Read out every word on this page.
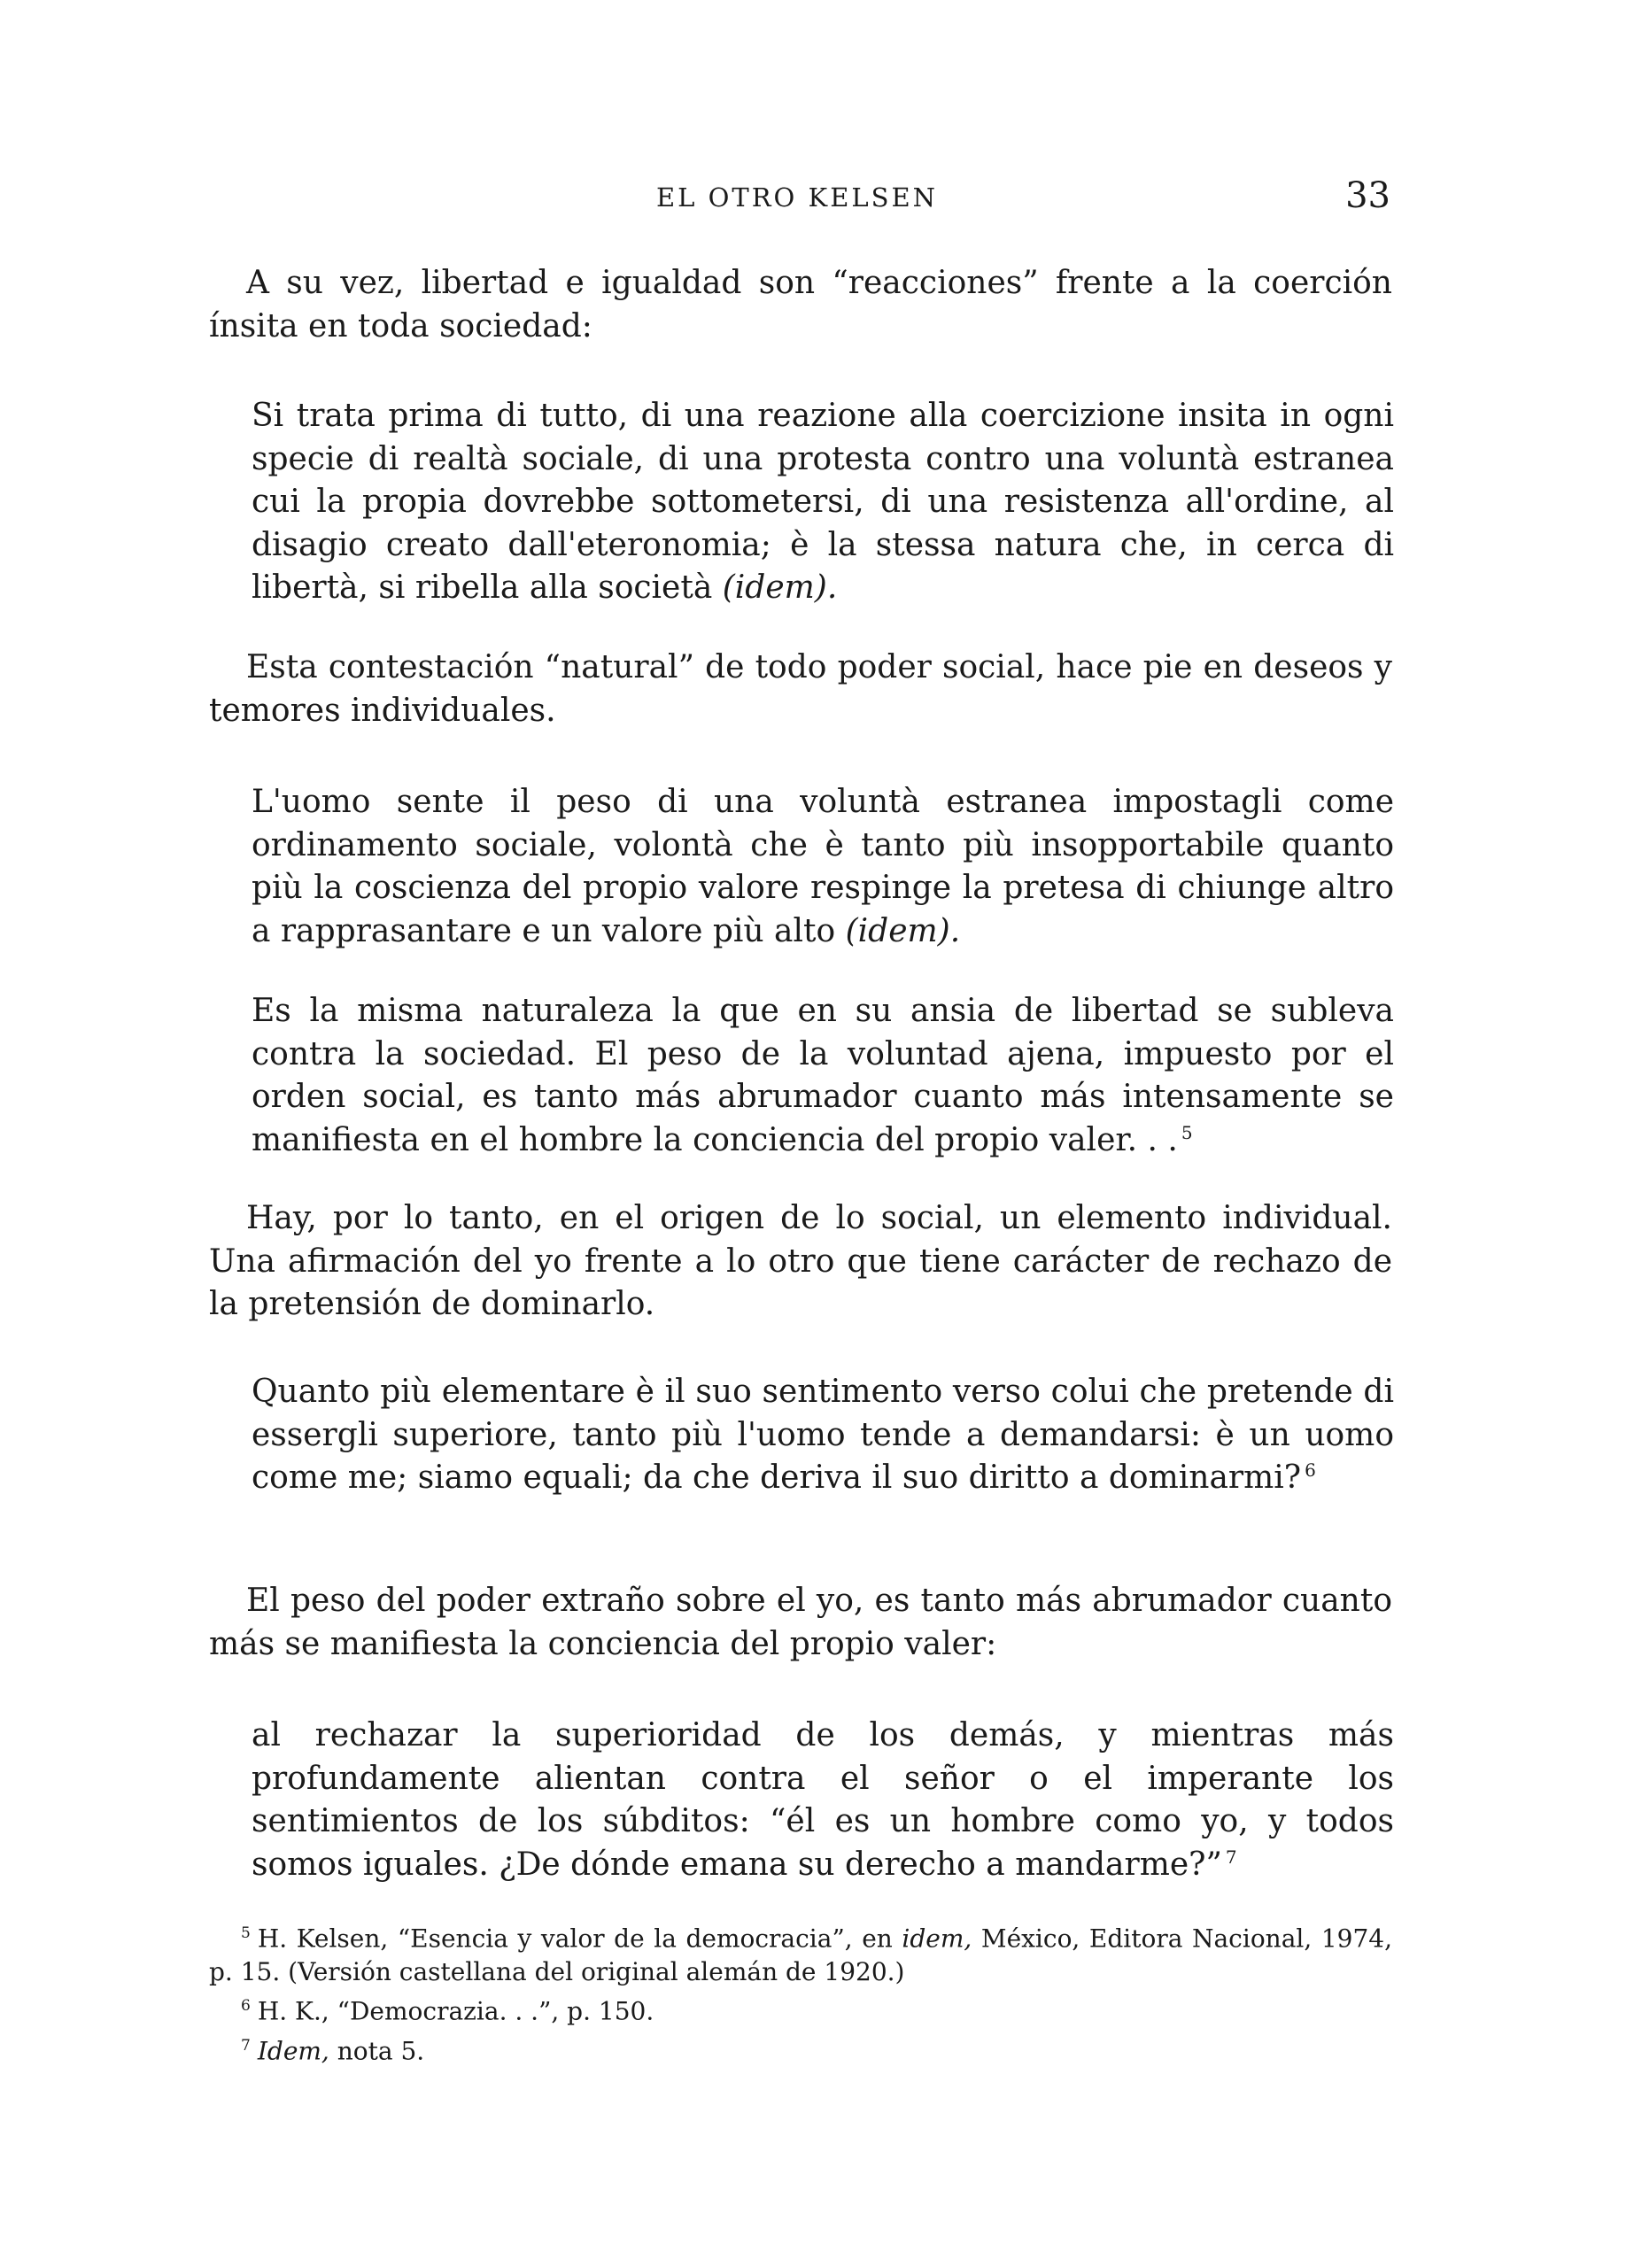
EL OTRO KELSEN	33

A su vez, libertad e igualdad son “reacciones” frente a la coerción ínsita en toda sociedad:

Si trata prima di tutto, di una reazione alla coercizione insita in ogni specie di realtà sociale, di una protesta contro una voluntà estranea cui la propia dovrebbe sottometersi, di una resistenza all'ordine, al disagio creato dall'eteronomia; è la stessa natura che, in cerca di libertà, si ribella alla società (idem).

Esta contestación “natural” de todo poder social, hace pie en deseos y temores individuales.

L'uomo sente il peso di una voluntà estranea impostagli come ordinamento sociale, volontà che è tanto più insopportabile quanto più la coscienza del propio valore respinge la pretesa di chiunge altro a rapprasantare e un valore più alto (idem).

Es la misma naturaleza la que en su ansia de libertad se subleva contra la sociedad. El peso de la voluntad ajena, impuesto por el orden social, es tanto más abrumador cuanto más intensamente se manifiesta en el hombre la conciencia del propio valer. . . $^5$

Hay, por lo tanto, en el origen de lo social, un elemento individual. Una afirmación del yo frente a lo otro que tiene carácter de rechazo de la pretensión de dominarlo.

Quanto più elementare è il suo sentimento verso colui che pretende di essergli superiore, tanto più l'uomo tende a demandarsi: è un uomo come me; siamo equali; da che deriva il suo diritto a dominarmi? $^6$

El peso del poder extraño sobre el yo, es tanto más abrumador cuanto más se manifiesta la conciencia del propio valer:

al rechazar la superioridad de los demás, y mientras más profundamente alientan contra el señor o el imperante los sentimientos de los súbditos: “él es un hombre como yo, y todos somos iguales. ¿De dónde emana su derecho a mandarme?” $^7$

$^5$ H. Kelsen, “Esencia y valor de la democracia”, en idem, México, Editora Nacional, 1974, p. 15. (Versión castellana del original alemán de 1920.)
$^6$ H. K., “Democrazia. . .”, p. 150.
$^7$ Idem, nota 5.
